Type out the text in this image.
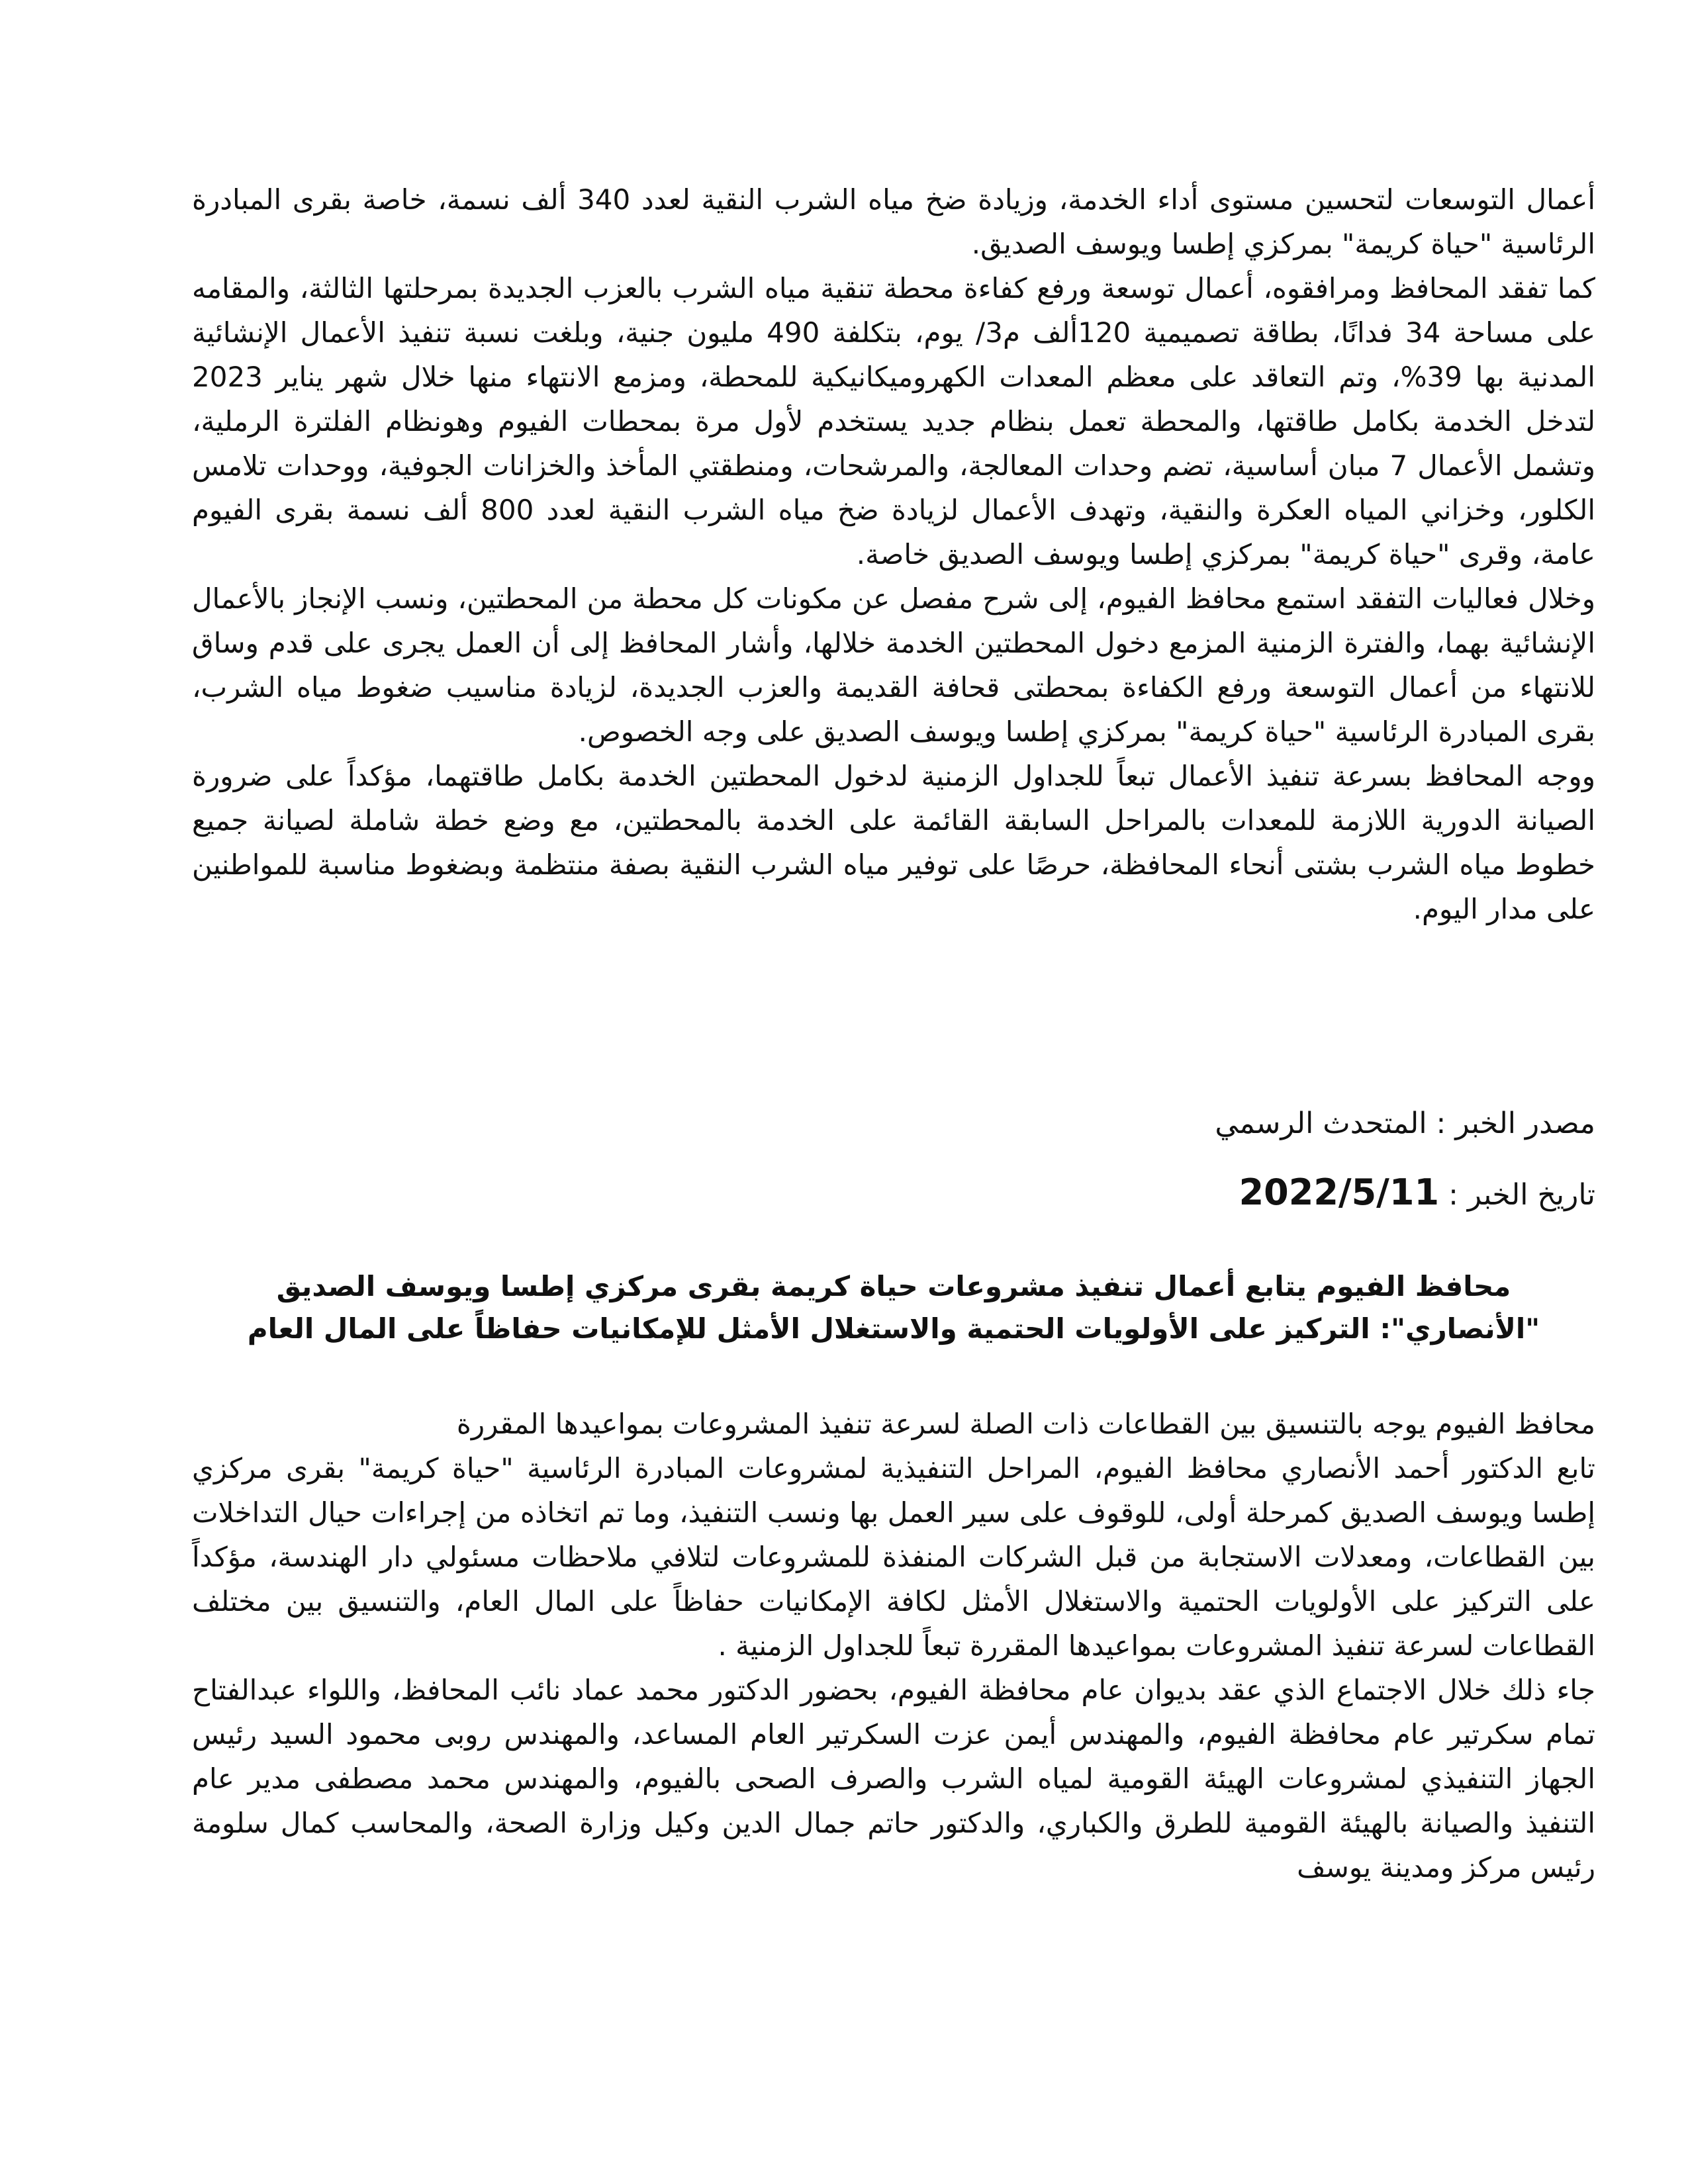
أعمال التوسعات لتحسين مستوى أداء الخدمة، وزيادة ضخ مياه الشرب النقية لعدد 340 ألف نسمة، خاصة بقرى المبادرة الرئاسية "حياة كريمة" بمركزي إطسا ويوسف الصديق.
كما تفقد المحافظ ومرافقوه، أعمال توسعة ورفع كفاءة محطة تنقية مياه الشرب بالعزب الجديدة بمرحلتها الثالثة، والمقامه على مساحة 34 فدانًا، بطاقة تصميمية 120ألف م3/ يوم، بتكلفة 490 مليون جنية، وبلغت نسبة تنفيذ الأعمال الإنشائية المدنية بها 39%، وتم التعاقد على معظم المعدات الكهروميكانيكية للمحطة، ومزمع الانتهاء منها خلال شهر يناير 2023 لتدخل الخدمة بكامل طاقتها، والمحطة تعمل بنظام جديد يستخدم لأول مرة بمحطات الفيوم وهونظام الفلترة الرملية، وتشمل الأعمال 7 مبان أساسية، تضم وحدات المعالجة، والمرشحات، ومنطقتي المأخذ والخزانات الجوفية، ووحدات تلامس الكلور، وخزاني المياه العكرة والنقية، وتهدف الأعمال لزيادة ضخ مياه الشرب النقية لعدد 800 ألف نسمة بقرى الفيوم عامة، وقرى "حياة كريمة" بمركزي إطسا ويوسف الصديق خاصة.
وخلال فعاليات التفقد استمع محافظ الفيوم، إلى شرح مفصل عن مكونات كل محطة من المحطتين، ونسب الإنجاز بالأعمال الإنشائية بهما، والفترة الزمنية المزمع دخول المحطتين الخدمة خلالها، وأشار المحافظ إلى أن العمل يجرى على قدم وساق للانتهاء من أعمال التوسعة ورفع الكفاءة بمحطتى قحافة القديمة والعزب الجديدة، لزيادة مناسيب ضغوط مياه الشرب، بقرى المبادرة الرئاسية "حياة كريمة" بمركزي إطسا ويوسف الصديق على وجه الخصوص.
ووجه المحافظ بسرعة تنفيذ الأعمال تبعاً للجداول الزمنية لدخول المحطتين الخدمة بكامل طاقتهما، مؤكداً على ضرورة الصيانة الدورية اللازمة للمعدات بالمراحل السابقة القائمة على الخدمة بالمحطتين، مع وضع خطة شاملة لصيانة جميع خطوط مياه الشرب بشتى أنحاء المحافظة، حرصًا على توفير مياه الشرب النقية بصفة منتظمة وبضغوط مناسبة للمواطنين على مدار اليوم.
مصدر الخبر : المتحدث الرسمي
تاريخ الخبر : 2022/5/11
محافظ الفيوم يتابع أعمال تنفيذ مشروعات حياة كريمة بقرى مركزي إطسا ويوسف الصديق
"الأنصاري": التركيز على الأولويات الحتمية والاستغلال الأمثل للإمكانيات حفاظاً على المال العام
محافظ الفيوم يوجه بالتنسيق بين القطاعات ذات الصلة لسرعة تنفيذ المشروعات بمواعيدها المقررة
تابع الدكتور أحمد الأنصاري محافظ الفيوم، المراحل التنفيذية لمشروعات المبادرة الرئاسية "حياة كريمة" بقرى مركزي إطسا ويوسف الصديق كمرحلة أولى، للوقوف على سير العمل بها ونسب التنفيذ، وما تم اتخاذه من إجراءات حيال التداخلات بين القطاعات، ومعدلات الاستجابة من قبل الشركات المنفذة للمشروعات لتلافي ملاحظات مسئولي دار الهندسة، مؤكداً على التركيز على الأولويات الحتمية والاستغلال الأمثل لكافة الإمكانيات حفاظاً على المال العام، والتنسيق بين مختلف القطاعات لسرعة تنفيذ المشروعات بمواعيدها المقررة تبعاً للجداول الزمنية .
جاء ذلك خلال الاجتماع الذي عقد بديوان عام محافظة الفيوم، بحضور الدكتور محمد عماد نائب المحافظ، واللواء عبدالفتاح تمام سكرتير عام محافظة الفيوم، والمهندس أيمن عزت السكرتير العام المساعد، والمهندس روبى محمود السيد رئيس الجهاز التنفيذي لمشروعات الهيئة القومية لمياه الشرب والصرف الصحى بالفيوم، والمهندس محمد مصطفى مدير عام التنفيذ والصيانة بالهيئة القومية للطرق والكباري، والدكتور حاتم جمال الدين وكيل وزارة الصحة، والمحاسب كمال سلومة رئيس مركز ومدينة يوسف
